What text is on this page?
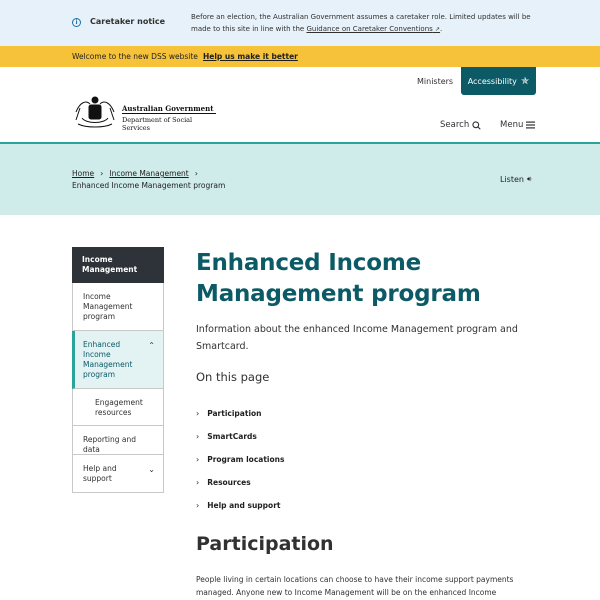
i	Caretaker notice	Before an election, the Australian Government assumes a caretaker role. Limited updates will be made to this site in line with the Guidance on Caretaker Conventions ↗.
Welcome to the new DSS website Help us make it better
Ministers Accessibility ✯
Australian Government
Department of Social Services	Search	Menu
Home › Income Management ›
Enhanced Income Management program
Listen 🔊︎
Income Management
Income Management program
Enhanced Income Management program
⌃
Engagement resources
Reporting and data
Help and support
⌄
Enhanced Income Management program

Information about the enhanced Income Management program and Smartcard.

On this page
› Participation
› SmartCards
› Program locations
› Resources
› Help and support
Participation

People living in certain locations can choose to have their income support payments managed. Anyone new to Income Management will be on the enhanced Income
